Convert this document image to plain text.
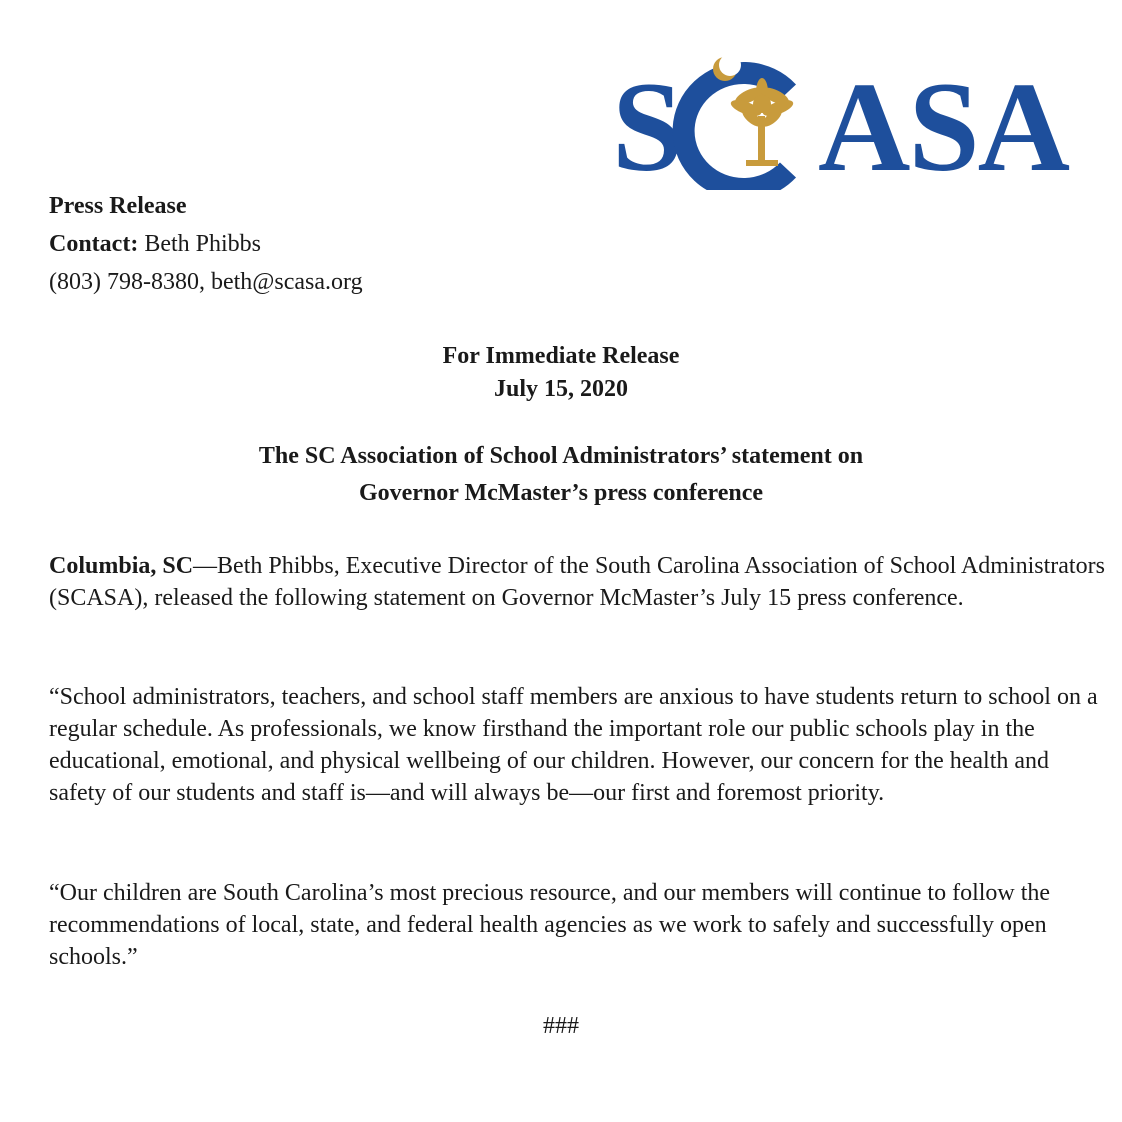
S ASA
Press Release
Contact: Beth Phibbs
(803) 798-8380, beth@scasa.org
For Immediate Release
July 15, 2020
The SC Association of School Administrators’ statement on
Governor McMaster’s press conference
Columbia, SC—Beth Phibbs, Executive Director of the South Carolina Association of School Administrators (SCASA), released the following statement on Governor McMaster’s July 15 press conference.
“School administrators, teachers, and school staff members are anxious to have students return to school on a regular schedule. As professionals, we know firsthand the important role our public schools play in the educational, emotional, and physical wellbeing of our children. However, our concern for the health and safety of our students and staff is—and will always be—our first and foremost priority.
“Our children are South Carolina’s most precious resource, and our members will continue to follow the recommendations of local, state, and federal health agencies as we work to safely and successfully open schools.”
###
